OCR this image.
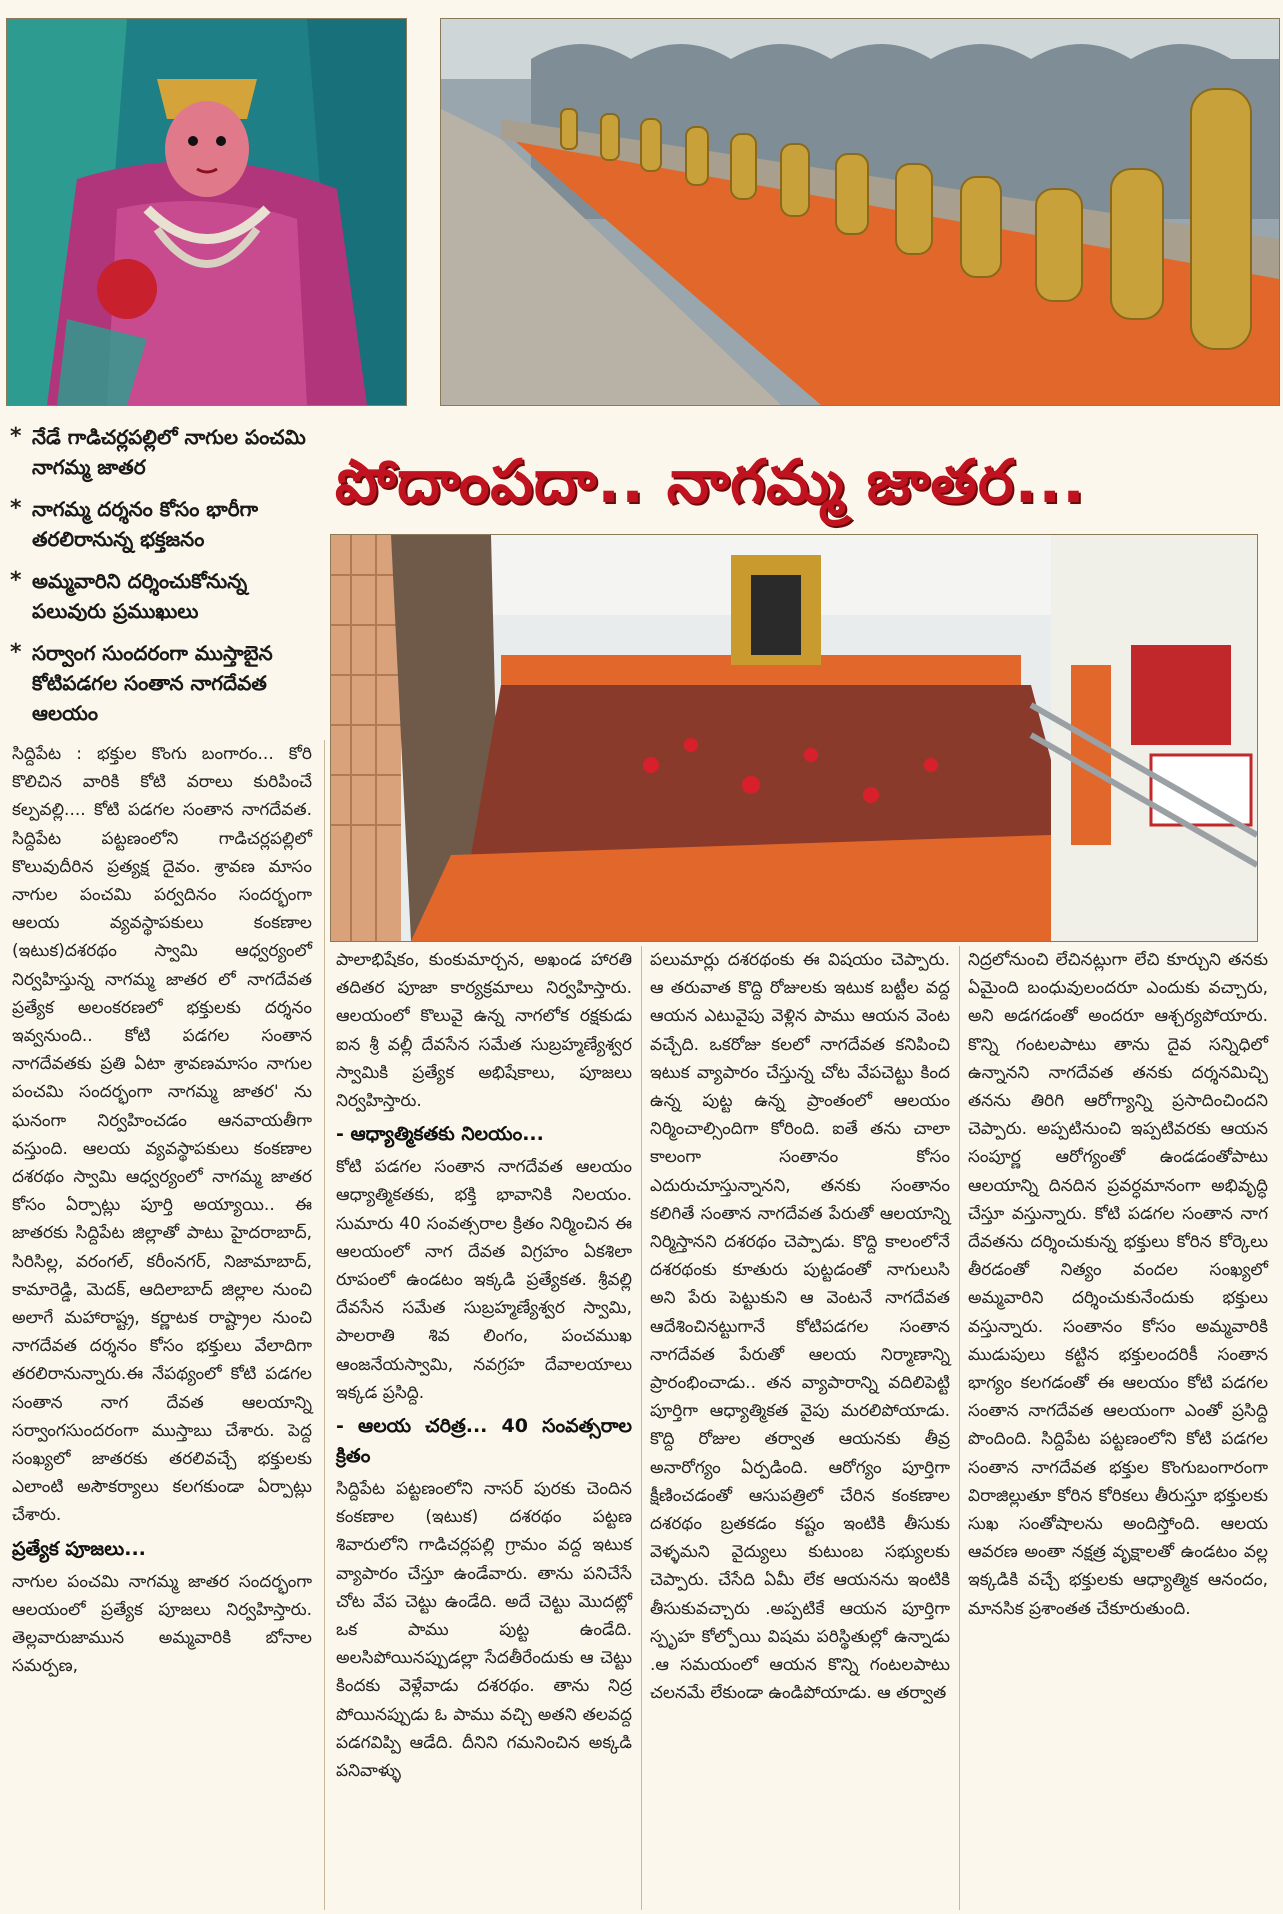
* నేడే గాడిచర్లపల్లిలో నాగుల పంచమి నాగమ్మ జాతర
* నాగమ్మ దర్శనం కోసం భారీగా తరలిరానున్న భక్తజనం
* అమ్మవారిని దర్శించుకోనున్న పలువురు ప్రముఖులు
* సర్వాంగ సుందరంగా ముస్తాబైన కోటిపడగల సంతాన నాగదేవత ఆలయం
పోదాంపదా.. నాగమ్మ జాతర...

సిద్దిపేట : భక్తుల కొంగు బంగారం... కోరి కొలిచిన వారికి కోటి వరాలు కురిపించే కల్పవల్లి.... కోటి పడగల సంతాన నాగదేవత. సిద్దిపేట పట్టణంలోని గాడిచర్లపల్లిలో కొలువుదీరిన ప్రత్యక్ష దైవం. శ్రావణ మాసం నాగుల పంచమి పర్వదినం సందర్భంగా ఆలయ వ్యవస్థాపకులు కంకణాల (ఇటుక)దశరథం స్వామి ఆధ్వర్యంలో నిర్వహిస్తున్న నాగమ్మ జాతర లో నాగదేవత ప్రత్యేక అలంకరణలో భక్తులకు దర్శనం ఇవ్వనుంది.. కోటి పడగల సంతాన నాగదేవతకు ప్రతి ఏటా శ్రావణమాసం నాగుల పంచమి సందర్భంగా నాగమ్మ జాతర' ను ఘనంగా నిర్వహించడం ఆనవాయతీగా వస్తుంది. ఆలయ వ్యవస్థాపకులు కంకణాల దశరథం స్వామి ఆధ్వర్యంలో నాగమ్మ జాతర కోసం ఏర్పాట్లు పూర్తి అయ్యాయి.. ఈ జాతరకు సిద్దిపేట జిల్లాతో పాటు హైదరాబాద్, సిరిసిల్ల, వరంగల్, కరీంనగర్, నిజామాబాద్, కామారెడ్డి, మెదక్, ఆదిలాబాద్ జిల్లాల నుంచి అలాగే మహారాష్ట్ర, కర్ణాటక రాష్ట్రాల నుంచి నాగదేవత దర్శనం కోసం భక్తులు వేలాదిగా తరలిరానున్నారు.ఈ నేపథ్యంలో కోటి పడగల సంతాన నాగ దేవత ఆలయాన్ని సర్వాంగసుందరంగా ముస్తాబు చేశారు. పెద్ద సంఖ్యలో జాతరకు తరలివచ్చే భక్తులకు ఎలాంటి అసౌకర్యాలు కలగకుండా ఏర్పాట్లు చేశారు.

ప్రత్యేక పూజలు...

నాగుల పంచమి నాగమ్మ జాతర సందర్భంగా ఆలయంలో ప్రత్యేక పూజలు నిర్వహిస్తారు. తెల్లవారుజామున అమ్మవారికి బోనాల సమర్పణ,

పాలాభిషేకం, కుంకుమార్చన, అఖండ హారతి తదితర పూజా కార్యక్రమాలు నిర్వహిస్తారు. ఆలయంలో కొలువై ఉన్న నాగలోక రక్షకుడు ఐన శ్రీ వల్లీ దేవసేన సమేత సుబ్రహ్మణ్యేశ్వర స్వామికి ప్రత్యేక అభిషేకాలు, పూజలు నిర్వహిస్తారు.

- ఆధ్యాత్మికతకు నిలయం...

కోటి పడగల సంతాన నాగదేవత ఆలయం ఆధ్యాత్మికతకు, భక్తి భావానికి నిలయం. సుమారు 40 సంవత్సరాల క్రితం నిర్మించిన ఈ ఆలయంలో నాగ దేవత విగ్రహం ఏకశిలా రూపంలో ఉండటం ఇక్కడి ప్రత్యేకత. శ్రీవల్లి దేవసేన సమేత సుబ్రహ్మణ్యేశ్వర స్వామి, పాలరాతి శివ లింగం, పంచముఖ ఆంజనేయస్వామి, నవగ్రహ దేవాలయాలు ఇక్కడ ప్రసిద్ది.

- ఆలయ చరిత్ర... 40 సంవత్సరాల క్రితం

సిద్దిపేట పట్టణంలోని నాసర్ పురకు చెందిన కంకణాల (ఇటుక) దశరథం పట్టణ శివారులోని గాడిచర్లపల్లి గ్రామం వద్ద ఇటుక వ్యాపారం చేస్తూ ఉండేవారు. తాను పనిచేసే చోట వేప చెట్టు ఉండేది. అదే చెట్టు మొదట్లో ఒక పాము పుట్ట ఉండేది. అలసిపోయినప్పుడల్లా సేదతీరేందుకు ఆ చెట్టు కిందకు వెళ్లేవాడు దశరథం. తాను నిద్ర పోయినప్పుడు ఓ పాము వచ్చి అతని తలవద్ద పడగవిప్పి ఆడేది. దీనిని గమనించిన అక్కడి పనివాళ్ళు

పలుమార్లు దశరథంకు ఈ విషయం చెప్పారు. ఆ తరువాత కొద్ది రోజులకు ఇటుక బట్టీల వద్ద ఆయన ఎటువైపు వెళ్లిన పాము ఆయన వెంట వచ్చేది. ఒకరోజు కలలో నాగదేవత కనిపించి ఇటుక వ్యాపారం చేస్తున్న చోట వేపచెట్టు కింద ఉన్న పుట్ట ఉన్న ప్రాంతంలో ఆలయం నిర్మించాల్సిందిగా కోరింది. ఐతే తను చాలా కాలంగా సంతానం కోసం ఎదురుచూస్తున్నానని, తనకు సంతానం కలిగితే సంతాన నాగదేవత పేరుతో ఆలయాన్ని నిర్మిస్తానని దశరథం చెప్పాడు. కొద్ది కాలంలోనే దశరథంకు కూతురు పుట్టడంతో నాగులుసి అని పేరు పెట్టుకుని ఆ వెంటనే నాగదేవత ఆదేశించినట్టుగానే కోటిపడగల సంతాన నాగదేవత పేరుతో ఆలయ నిర్మాణాన్ని ప్రారంభించాడు.. తన వ్యాపారాన్ని వదిలిపెట్టి పూర్తిగా ఆధ్యాత్మికత వైపు మరలిపోయాడు. కొద్ది రోజుల తర్వాత ఆయనకు తీవ్ర అనారోగ్యం ఏర్పడింది. ఆరోగ్యం పూర్తిగా క్షీణించడంతో ఆసుపత్రిలో చేరిన కంకణాల దశరథం బ్రతకడం కష్టం ఇంటికి తీసుకు వెళ్ళమని వైద్యులు కుటుంబ సభ్యులకు చెప్పారు. చేసేది ఏమీ లేక ఆయనను ఇంటికి తీసుకువచ్చారు .అప్పటికే ఆయన పూర్తిగా స్పృహ కోల్పోయి విషమ పరిస్థితుల్లో ఉన్నాడు .ఆ సమయంలో ఆయన కొన్ని గంటలపాటు చలనమే లేకుండా ఉండిపోయాడు. ఆ తర్వాత

నిద్రలోనుంచి లేచినట్లుగా లేచి కూర్చుని తనకు ఏమైంది బంధువులందరూ ఎందుకు వచ్చారు, అని అడగడంతో అందరూ ఆశ్చర్యపోయారు. కొన్ని గంటలపాటు తాను దైవ సన్నిధిలో ఉన్నానని నాగదేవత తనకు దర్శనమిచ్చి తనను తిరిగి ఆరోగ్యాన్ని ప్రసాదించిందని చెప్పారు. అప్పటినుంచి ఇప్పటివరకు ఆయన సంపూర్ణ ఆరోగ్యంతో ఉండడంతోపాటు ఆలయాన్ని దినదిన ప్రవర్ధమానంగా అభివృద్ధి చేస్తూ వస్తున్నారు. కోటి పడగల సంతాన నాగ దేవతను దర్శించుకున్న భక్తులు కోరిన కోర్కెలు తీరడంతో నిత్యం వందల సంఖ్యలో అమ్మవారిని దర్శించుకునేందుకు భక్తులు వస్తున్నారు. సంతానం కోసం అమ్మవారికి ముడుపులు కట్టిన భక్తులందరికీ సంతాన భాగ్యం కలగడంతో ఈ ఆలయం కోటి పడగల సంతాన నాగదేవత ఆలయంగా ఎంతో ప్రసిద్ది పొందింది. సిద్దిపేట పట్టణంలోని కోటి పడగల సంతాన నాగదేవత భక్తుల కొంగుబంగారంగా విరాజిల్లుతూ కోరిన కోరికలు తీరుస్తూ భక్తులకు సుఖ సంతోషాలను అందిస్తోంది. ఆలయ ఆవరణ అంతా నక్షత్ర వృక్షాలతో ఉండటం వల్ల ఇక్కడికి వచ్చే భక్తులకు ఆధ్యాత్మిక ఆనందం, మానసిక ప్రశాంతత చేకూరుతుంది.
